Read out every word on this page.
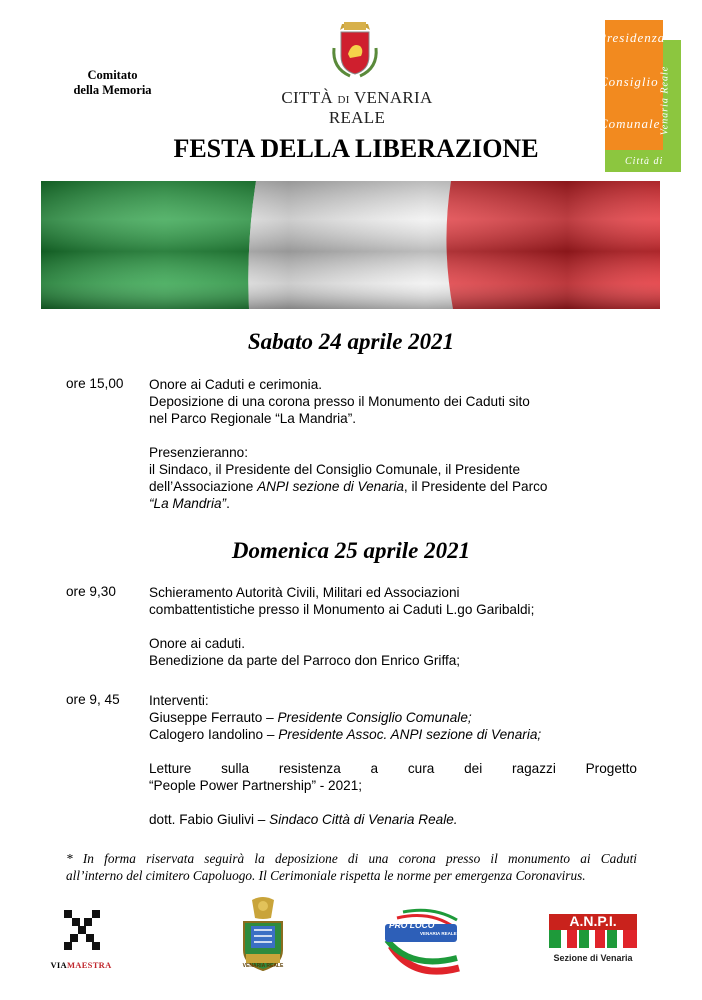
Comitato
della Memoria	CITTÀ DI VENARIA REALE
Presidenza
Consiglio
Comunale
Città di
Venaria Reale
FESTA DELLA LIBERAZIONE
Sabato 24 aprile 2021
ore 15,00 Onore ai Caduti e cerimonia.
Deposizione di una corona presso il Monumento dei Caduti sito
nel Parco Regionale “La Mandria”.
Presenzieranno:
il Sindaco, il Presidente del Consiglio Comunale, il Presidente
dell’Associazione ANPI sezione di Venaria, il Presidente del Parco
“La Mandria”.
Domenica 25 aprile 2021
ore 9,30 Schieramento Autorità Civili, Militari ed Associazioni
combattentistiche presso il Monumento ai Caduti L.go Garibaldi;
Onore ai caduti.
Benedizione da parte del Parroco don Enrico Griffa;
ore 9, 45 Interventi:
Giuseppe Ferrauto – Presidente Consiglio Comunale;
Calogero Iandolino – Presidente Assoc. ANPI sezione di Venaria;
Letture sulla resistenza a cura dei ragazzi Progetto
“People Power Partnership” - 2021;
dott. Fabio Giulivi – Sindaco Città di Venaria Reale.
* In forma riservata seguirà la deposizione di una corona presso il monumento ai Caduti
all’interno del cimitero Capoluogo. Il Cerimoniale rispetta le norme per emergenza Coronavirus.
VIAMAESTRA	VENARIA REALE
PRO LOCO
VENARIA REALE
A.N.P.I.
Sezione di Venaria
